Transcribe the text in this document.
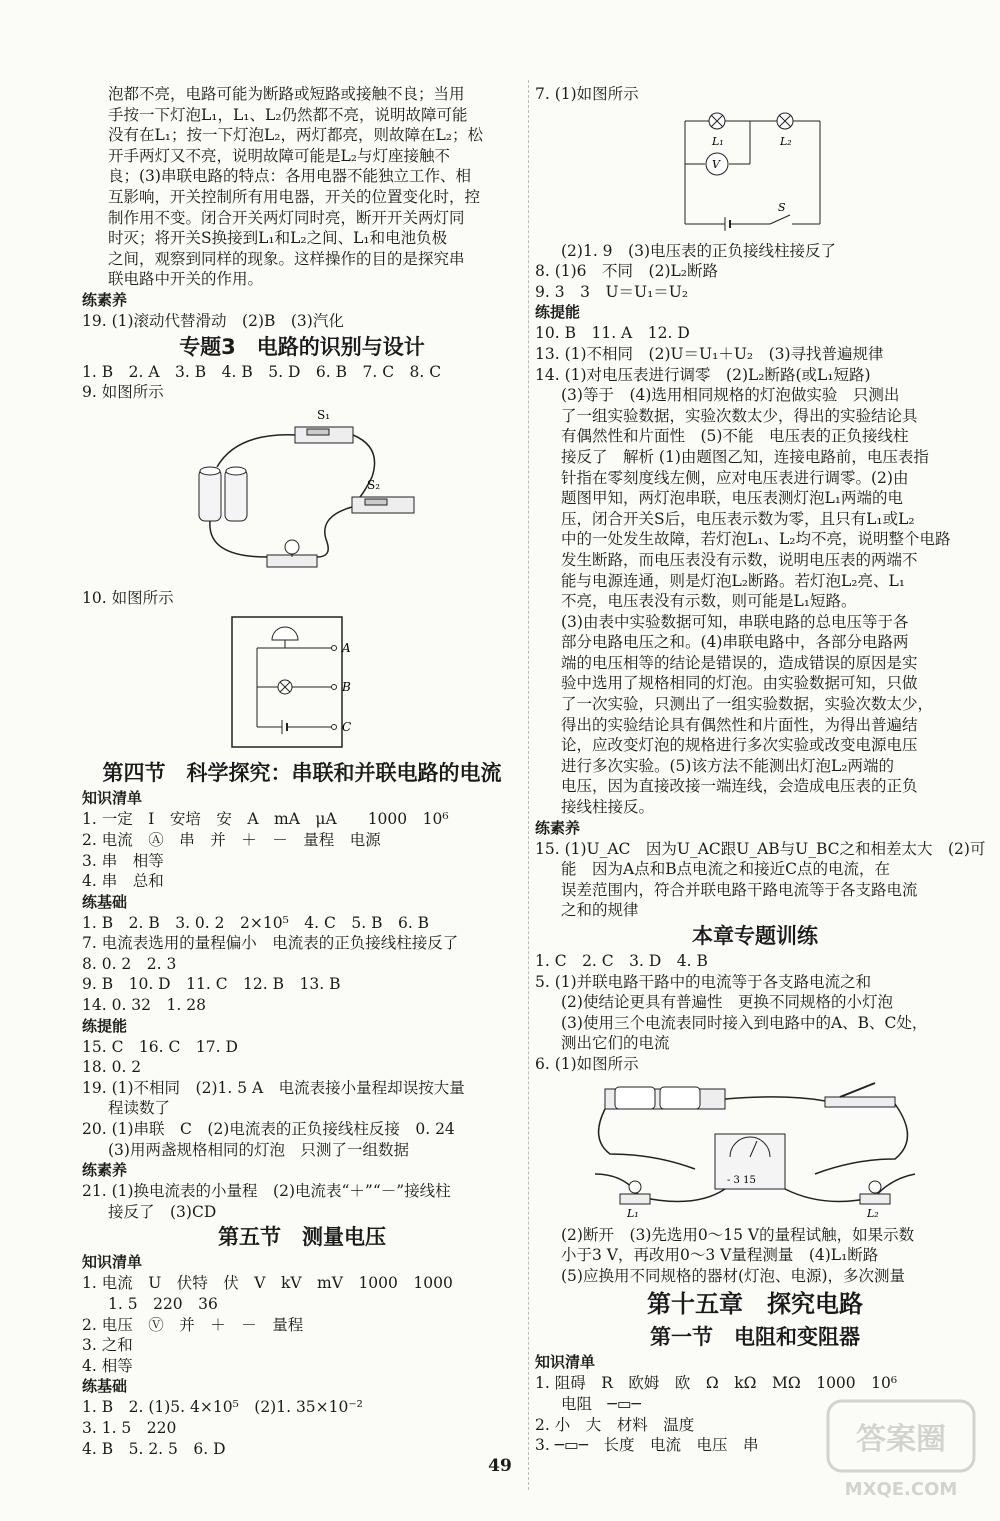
泡都不亮，电路可能为断路或短路或接触不良；当用
手按一下灯泡L₁，L₁、L₂仍然都不亮，说明故障可能
没有在L₁；按一下灯泡L₂，两灯都亮，则故障在L₂；松
开手两灯又不亮，说明故障可能是L₂与灯座接触不
良；(3)串联电路的特点：各用电器不能独立工作、相
互影响，开关控制所有用电器，开关的位置变化时，控
制作用不变。闭合开关两灯同时亮，断开开关两灯同
时灭；将开关S换接到L₁和L₂之间、L₁和电池负极
之间，观察到同样的现象。这样操作的目的是探究串
联电路中开关的作用。
练素养
19. (1)滚动代替滑动　(2)B　(3)汽化
专题3　电路的识别与设计
1. B　2. A　3. B　4. B　5. D　6. B　7. C　8. C
9. 如图所示
S₁
S₂
10. 如图所示
A
B
C
第四节　科学探究：串联和并联电路的电流
知识清单
1. 一定　I　安培　安　A　mA　μA　　1000　10⁶
2. 电流　Ⓐ　串　并　＋　－　量程　电源
3. 串　相等
4. 串　总和
练基础
1. B　2. B　3. 0. 2　2×10⁵　4. C　5. B　6. B
7. 电流表选用的量程偏小　电流表的正负接线柱接反了
8. 0. 2　2. 3
9. B　10. D　11. C　12. B　13. B
14. 0. 32　1. 28
练提能
15. C　16. C　17. D
18. 0. 2
19. (1)不相同　(2)1. 5 A　电流表接小量程却误按大量
程读数了
20. (1)串联　C　(2)电流表的正负接线柱反接　0. 24
(3)用两盏规格相同的灯泡　只测了一组数据
练素养
21. (1)换电流表的小量程　(2)电流表“＋”“－”接线柱
接反了　(3)CD
第五节　测量电压
知识清单
1. 电流　U　伏特　伏　V　kV　mV　1000　1000
1. 5　220　36
2. 电压　Ⓥ　并　＋　－　量程
3. 之和
4. 相等
练基础
1. B　2. (1)5. 4×10⁵　(2)1. 35×10⁻²
3. 1. 5　220
4. B　5. 2. 5　6. D
7. (1)如图所示
L₁	L₂
V
S
(2)1. 9　(3)电压表的正负接线柱接反了
8. (1)6　不同　(2)L₂断路
9. 3　3　U＝U₁＝U₂
练提能
10. B　11. A　12. D
13. (1)不相同　(2)U＝U₁＋U₂　(3)寻找普遍规律
14. (1)对电压表进行调零　(2)L₂断路(或L₁短路)
(3)等于　(4)选用相同规格的灯泡做实验　只测出
了一组实验数据，实验次数太少，得出的实验结论具
有偶然性和片面性　(5)不能　电压表的正负接线柱
接反了　解析 (1)由题图乙知，连接电路前，电压表指
针指在零刻度线左侧，应对电压表进行调零。(2)由
题图甲知，两灯泡串联，电压表测灯泡L₁两端的电
压，闭合开关S后，电压表示数为零，且只有L₁或L₂
中的一处发生故障，若灯泡L₁、L₂均不亮，说明整个电路
发生断路，而电压表没有示数，说明电压表的两端不
能与电源连通，则是灯泡L₂断路。若灯泡L₂亮、L₁
不亮，电压表没有示数，则可能是L₁短路。
(3)由表中实验数据可知，串联电路的总电压等于各
部分电路电压之和。(4)串联电路中，各部分电路两
端的电压相等的结论是错误的，造成错误的原因是实
验中选用了规格相同的灯泡。由实验数据可知，只做
了一次实验，只测出了一组实验数据，实验次数太少，
得出的实验结论具有偶然性和片面性，为得出普遍结
论，应改变灯泡的规格进行多次实验或改变电源电压
进行多次实验。(5)该方法不能测出灯泡L₂两端的
电压，因为直接改接一端连线，会造成电压表的正负
接线柱接反。
练素养
15. (1)U_AC　因为U_AC跟U_AB与U_BC之和相差太大　(2)可
能　因为A点和B点电流之和接近C点的电流，在
误差范围内，符合并联电路干路电流等于各支路电流
之和的规律
本章专题训练
1. C　2. C　3. D　4. B
5. (1)并联电路干路中的电流等于各支路电流之和
(2)使结论更具有普遍性　更换不同规格的小灯泡
(3)使用三个电流表同时接入到电路中的A、B、C处，
测出它们的电流
6. (1)如图所示
- 3 15
L₁	L₂
(2)断开　(3)先选用0～15 V的量程试触，如果示数
小于3 V，再改用0～3 V量程测量　(4)L₁断路
(5)应换用不同规格的器材(灯泡、电源)，多次测量
第十五章　探究电路
第一节　电阻和变阻器
知识清单
1. 阻碍　R　欧姆　欧　Ω　kΩ　MΩ　1000　10⁶
电阻　─▭─
2. 小　大　材料　温度
3. ─▭─　长度　电流　电压　串
49
答案圈
MXQE.COM
